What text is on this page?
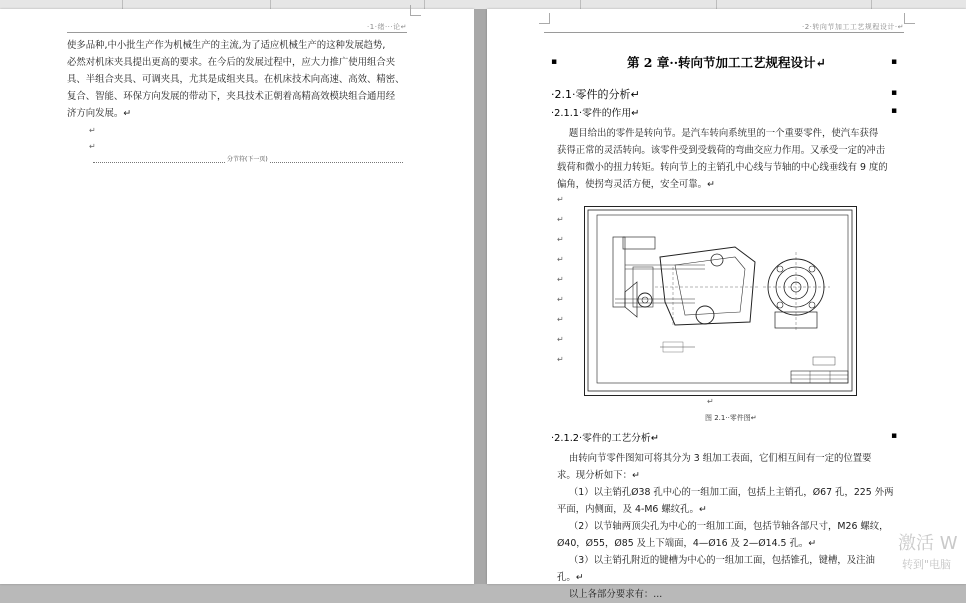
·1·绪···论↵
使多品种,中小批生产作为机械生产的主流,为了适应机械生产的这种发展趋势,
必然对机床夹具提出更高的要求。在今后的发展过程中，应大力推广使用组合夹
具、半组合夹具、可调夹具，尤其是成组夹具。在机床技术向高速、高效、精密、
复合、智能、环保方向发展的带动下，夹具技术正朝着高精高效模块组合通用经
济方向发展。↵
↵
↵
分节符(下一页)
·2·转向节加工工艺规程设计·↵
▪	▪
第 2 章··转向节加工工艺规程设计↵
·2.1·零件的分析↵	▪
·2.1.1·零件的作用↵	▪
题目给出的零件是转向节。是汽车转向系统里的一个重要零件，使汽车获得
获得正常的灵活转向。该零件受到受载荷的弯曲交应力作用。又承受一定的冲击
载荷和微小的扭力转矩。转向节上的主销孔中心线与节轴的中心线垂线有 9 度的
偏角，使拐弯灵活方便，安全可靠。↵
↵
↵
↵
↵
↵
↵
↵
↵
↵
↵
图 2.1··零件图↵
·2.1.2·零件的工艺分析↵	▪
由转向节零件图知可将其分为 3 组加工表面，它们相互间有一定的位置要
求。现分析如下：↵
（1）以主销孔Ø38 孔中心的一组加工面，包括上主销孔，Ø67 孔，225 外两
平面，内侧面，及 4-M6 螺纹孔。↵
（2）以节轴两顶尖孔为中心的一组加工面，包括节轴各部尺寸，M26 螺纹，
Ø40，Ø55，Ø85 及上下端面，4—Ø16 及 2—Ø14.5 孔。↵
（3）以主销孔附近的键槽为中心的一组加工面，包括锥孔，键槽，及注油
孔。↵
以上各部分要求有：...
激活 W
转到"电脑
